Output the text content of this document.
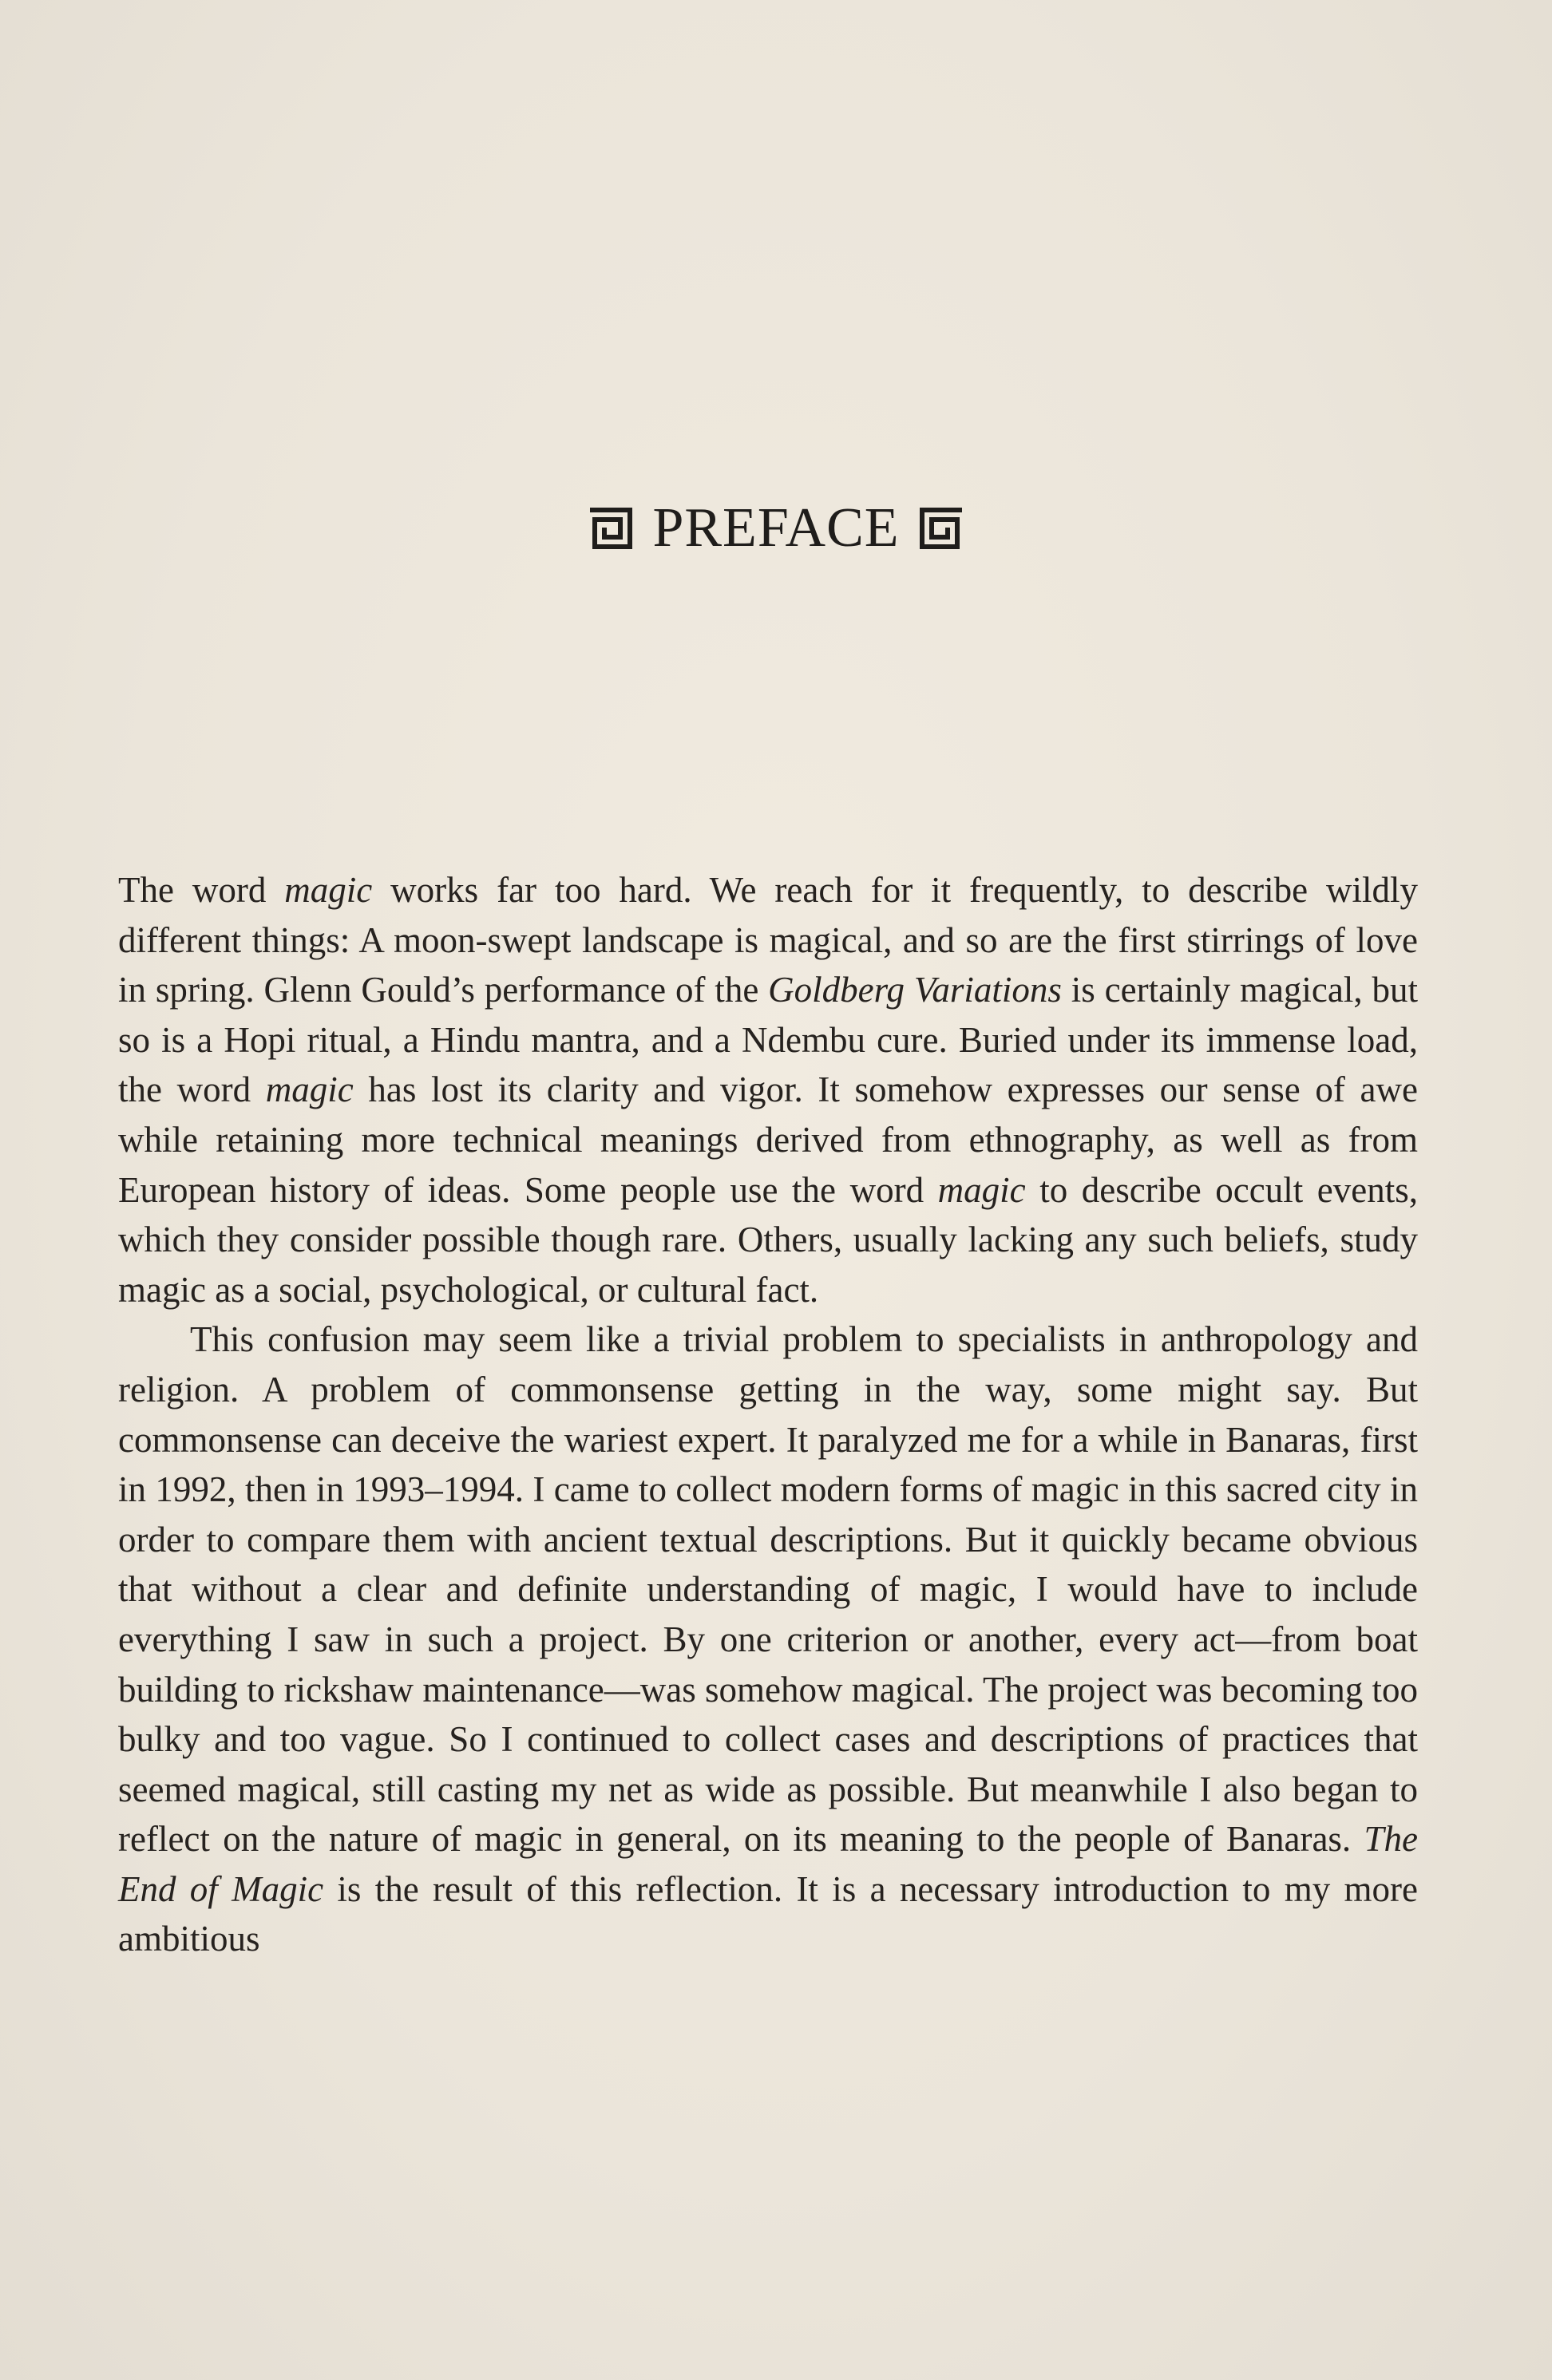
PREFACE

The word magic works far too hard. We reach for it frequently, to describe wildly different things: A moon-swept landscape is magical, and so are the first stirrings of love in spring. Glenn Gould’s performance of the Goldberg Variations is certainly magical, but so is a Hopi ritual, a Hindu mantra, and a Ndembu cure. Buried under its immense load, the word magic has lost its clarity and vigor. It somehow expresses our sense of awe while retaining more technical meanings derived from ethnography, as well as from European history of ideas. Some people use the word magic to describe occult events, which they consider possible though rare. Others, usually lacking any such beliefs, study magic as a social, psychological, or cultural fact.

This confusion may seem like a trivial problem to specialists in anthropology and religion. A problem of commonsense getting in the way, some might say. But commonsense can deceive the wariest expert. It paralyzed me for a while in Banaras, first in 1992, then in 1993–1994. I came to collect modern forms of magic in this sacred city in order to compare them with ancient textual descriptions. But it quickly became obvious that without a clear and definite understanding of magic, I would have to include everything I saw in such a project. By one criterion or another, every act—from boat building to rickshaw maintenance—was somehow magical. The project was becoming too bulky and too vague. So I continued to collect cases and descriptions of practices that seemed magical, still casting my net as wide as possible. But meanwhile I also began to reflect on the nature of magic in general, on its meaning to the people of Banaras. The End of Magic is the result of this reflection. It is a necessary introduction to my more ambitious
